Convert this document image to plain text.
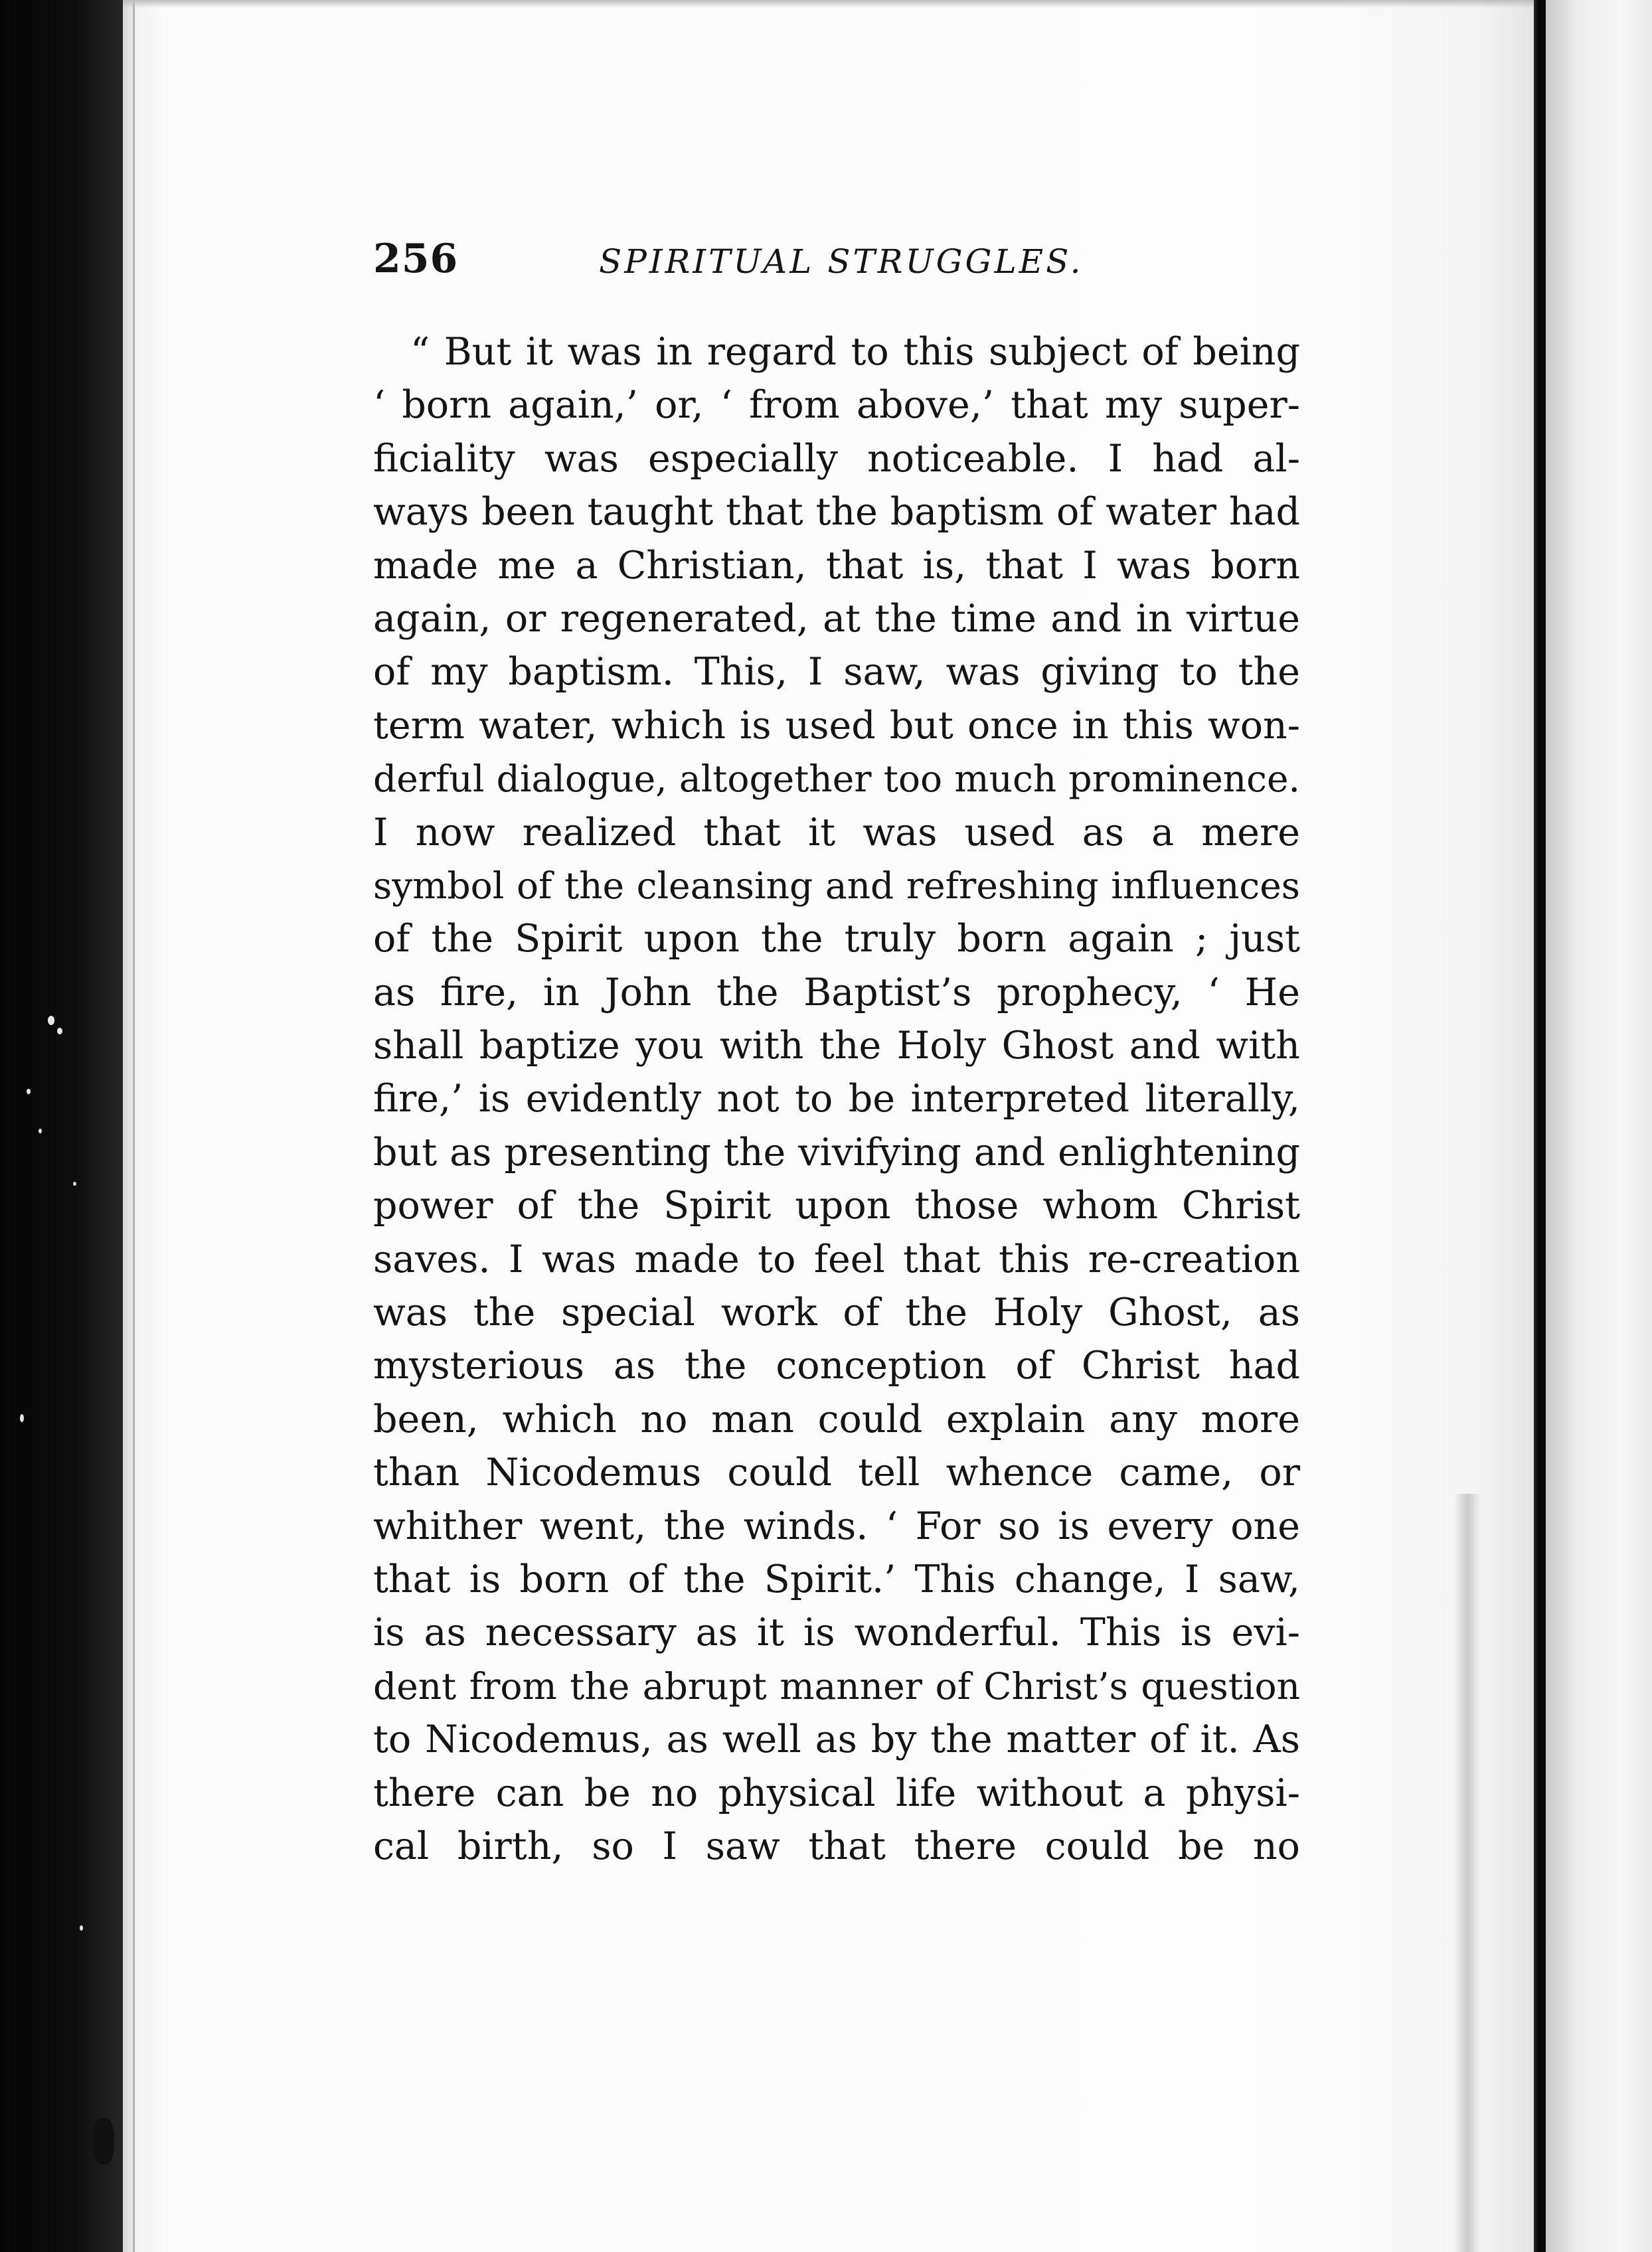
256	SPIRITUAL STRUGGLES.
“ But it was in regard to this subject of being
‘ born again,’ or, ‘ from above,’ that my super-
ficiality was especially noticeable. I had al-
ways been taught that the baptism of water had
made me a Christian, that is, that I was born
again, or regenerated, at the time and in virtue
of my baptism. This, I saw, was giving to the
term water, which is used but once in this won-
derful dialogue, altogether too much prominence.
I now realized that it was used as a mere
symbol of the cleansing and refreshing influences
of the Spirit upon the truly born again ; just
as fire, in John the Baptist’s prophecy, ‘ He
shall baptize you with the Holy Ghost and with
fire,’ is evidently not to be interpreted literally,
but as presenting the vivifying and enlightening
power of the Spirit upon those whom Christ
saves. I was made to feel that this re-creation
was the special work of the Holy Ghost, as
mysterious as the conception of Christ had
been, which no man could explain any more
than Nicodemus could tell whence came, or
whither went, the winds. ‘ For so is every one
that is born of the Spirit.’ This change, I saw,
is as necessary as it is wonderful. This is evi-
dent from the abrupt manner of Christ’s question
to Nicodemus, as well as by the matter of it. As
there can be no physical life without a physi-
cal birth, so I saw that there could be no
